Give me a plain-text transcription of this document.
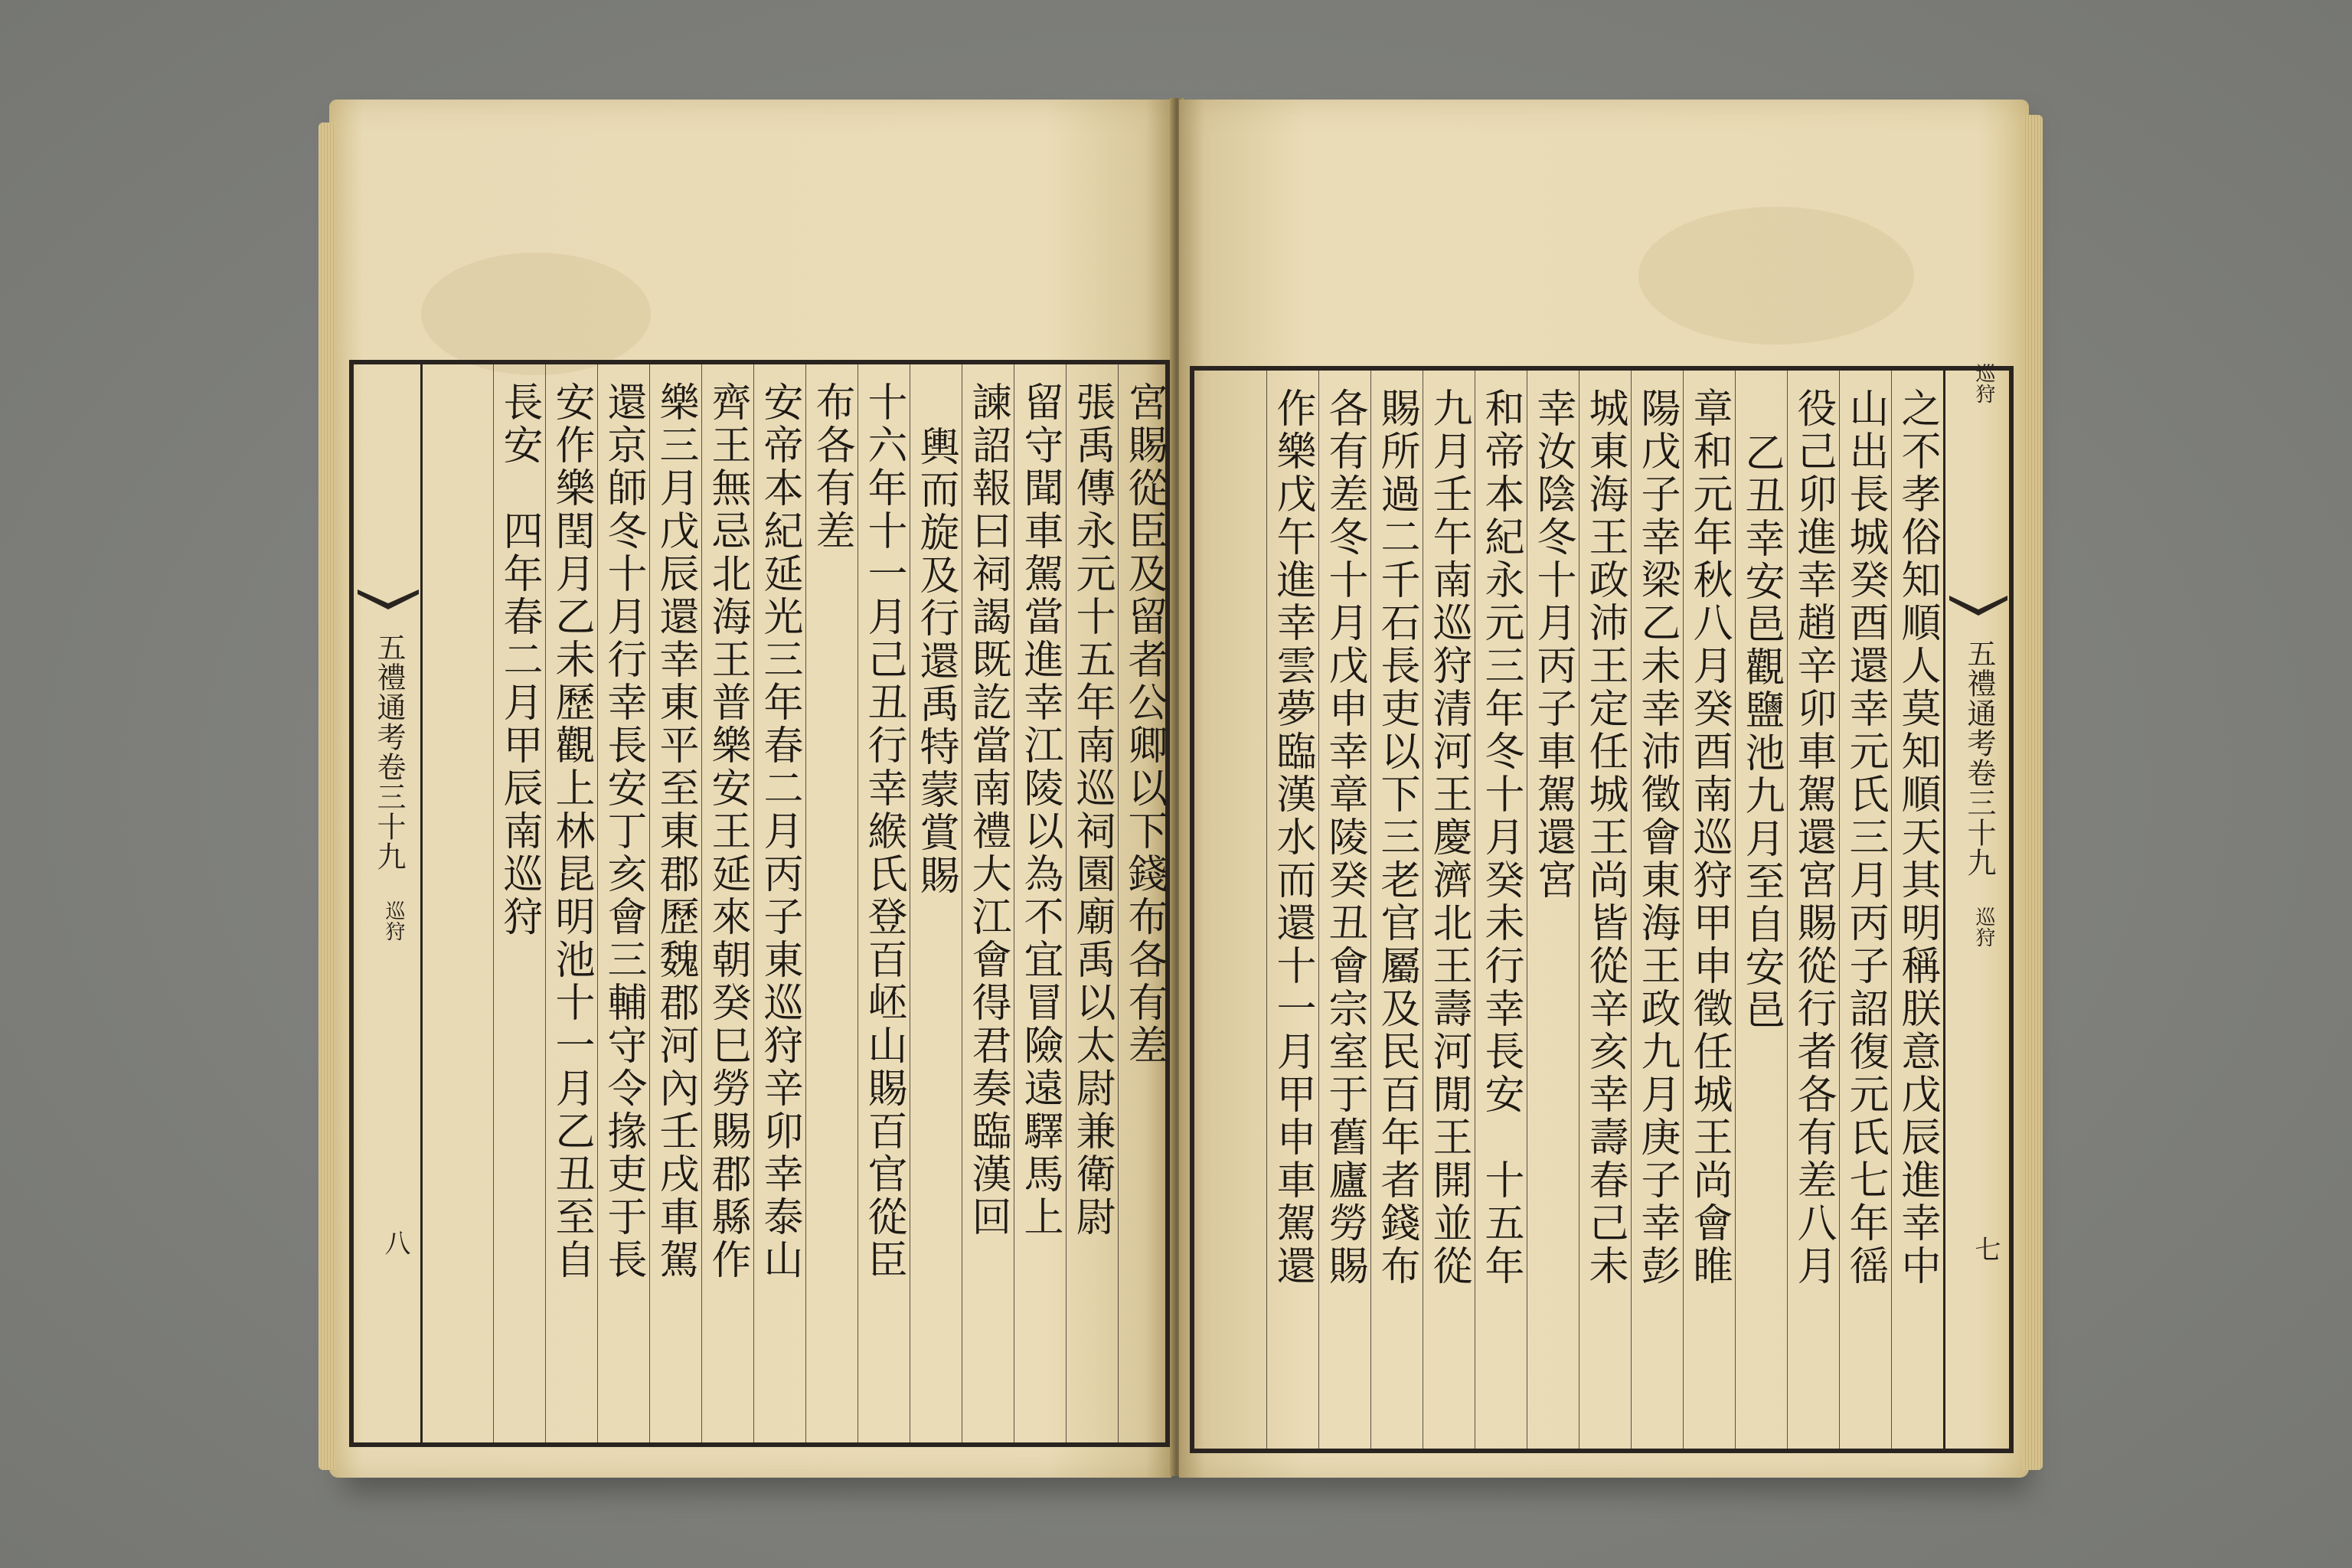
宮賜從臣及留者公卿以下錢布各有差
張禹傳永元十五年南巡祠園廟禹以太尉兼衛尉
留守聞車駕當進幸江陵以為不宜冒險遠驛馬上
諫詔報曰祠謁既訖當南禮大江會得君奏臨漢回
輿而旋及行還禹特蒙賞賜
十六年十一月己丑行幸緱氏登百岯山賜百官從臣
布各有差
安帝本紀延光三年春二月丙子東巡狩辛卯幸泰山
齊王無忌北海王普樂安王延來朝癸巳勞賜郡縣作
樂三月戊辰還幸東平至東郡歷魏郡河內壬戌車駕
還京師冬十月行幸長安丁亥會三輔守令掾吏于長
安作樂閏月乙未歷觀上林昆明池十一月乙丑至自
長安　四年春二月甲辰南巡狩
五禮通考卷三十九
巡狩
八	之不孝俗知順人莫知順天其明稱朕意戊辰進幸中
山出長城癸酉還幸元氏三月丙子詔復元氏七年徭
役己卯進幸趙辛卯車駕還宮賜從行者各有差八月
乙丑幸安邑觀鹽池九月至自安邑
章和元年秋八月癸酉南巡狩甲申徵任城王尚會睢
陽戊子幸梁乙未幸沛徵會東海王政九月庚子幸彭
城東海王政沛王定任城王尚皆從辛亥幸壽春己未
幸汝陰冬十月丙子車駕還宮
和帝本紀永元三年冬十月癸未行幸長安　十五年
九月壬午南巡狩清河王慶濟北王壽河閒王開並從
賜所過二千石長吏以下三老官屬及民百年者錢布
各有差冬十月戊申幸章陵癸丑會宗室于舊廬勞賜
作樂戊午進幸雲夢臨漢水而還十一月甲申車駕還
巡狩
五禮通考卷三十九
巡狩
七
